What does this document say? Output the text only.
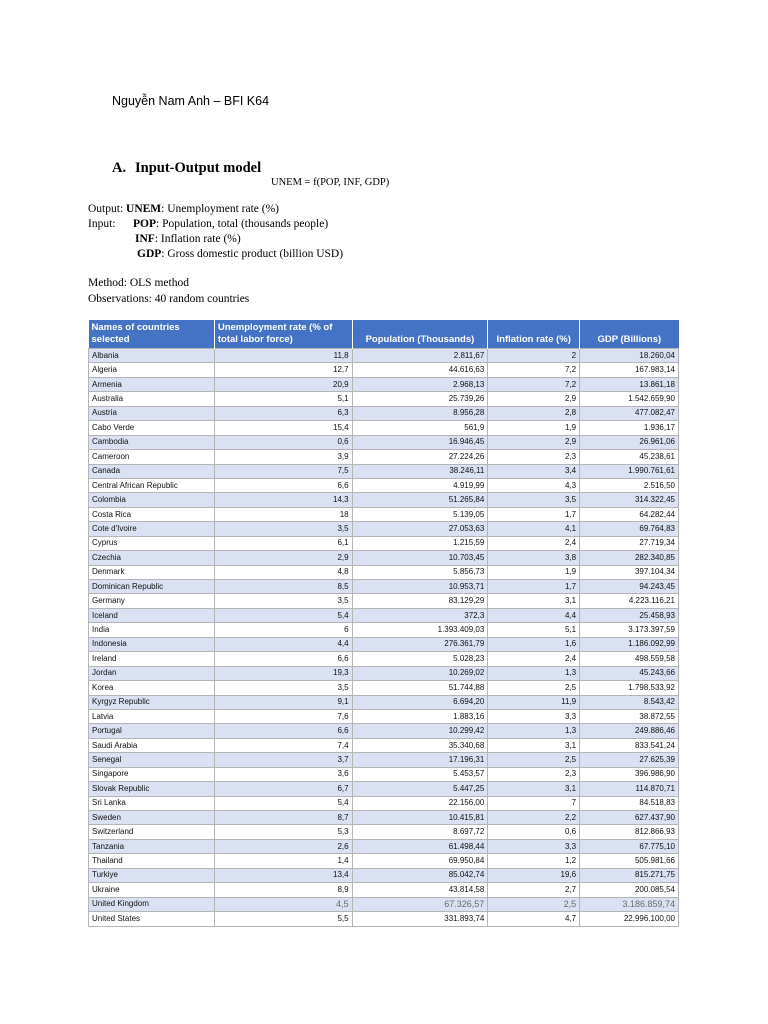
Nguyễn Nam Anh – BFI K64
A. Input-Output model
UNEM = f(POP, INF, GDP)
Output: UNEM: Unemployment rate (%)
Input: POP: Population, total (thousands people)
INF: Inflation rate (%)
GDP: Gross domestic product (billion USD)
Method: OLS method
Observations: 40 random countries
Names of countries selected	Unemployment rate (% of total labor force)	Population (Thousands)	Inflation rate (%)	GDP (Billions)
Albania	11,8	2.811,67	2	18.260,04
Algeria	12,7	44.616,63	7,2	167.983,14
Armenia	20,9	2.968,13	7,2	13.861,18
Australia	5,1	25.739,26	2,9	1.542.659,90
Austria	6,3	8.956,28	2,8	477.082,47
Cabo Verde	15,4	561,9	1,9	1.936,17
Cambodia	0,6	16.946,45	2,9	26.961,06
Cameroon	3,9	27.224,26	2,3	45.238,61
Canada	7,5	38.246,11	3,4	1.990.761,61
Central African Republic	6,6	4.919,99	4,3	2.516,50
Colombia	14,3	51.265,84	3,5	314.322,45
Costa Rica	18	5.139,05	1,7	64.282,44
Cote d'Ivoire	3,5	27.053,63	4,1	69.764,83
Cyprus	6,1	1.215,59	2,4	27.719,34
Czechia	2,9	10.703,45	3,8	282.340,85
Denmark	4,8	5.856,73	1,9	397.104,34
Dominican Republic	8,5	10.953,71	1,7	94.243,45
Germany	3,5	83.129,29	3,1	4.223.116,21
Iceland	5,4	372,3	4,4	25.458,93
India	6	1.393.409,03	5,1	3.173.397,59
Indonesia	4,4	276.361,79	1,6	1.186.092,99
Ireland	6,6	5.028,23	2,4	498.559,58
Jordan	19,3	10.269,02	1,3	45.243,66
Korea	3,5	51.744,88	2,5	1.798.533,92
Kyrgyz Republic	9,1	6.694,20	11,9	8.543,42
Latvia	7,6	1.883,16	3,3	38.872,55
Portugal	6,6	10.299,42	1,3	249.886,46
Saudi Arabia	7,4	35.340,68	3,1	833.541,24
Senegal	3,7	17.196,31	2,5	27.625,39
Singapore	3,6	5.453,57	2,3	396.986,90
Slovak Republic	6,7	5.447,25	3,1	114.870,71
Sri Lanka	5,4	22.156,00	7	84.518,83
Sweden	8,7	10.415,81	2,2	627.437,90
Switzerland	5,3	8.697,72	0,6	812.866,93
Tanzania	2,6	61.498,44	3,3	67.775,10
Thailand	1,4	69.950,84	1,2	505.981,66
Turkiye	13,4	85.042,74	19,6	815.271,75
Ukraine	8,9	43.814,58	2,7	200.085,54
United Kingdom	4,5	67.326,57	2,5	3.186.859,74
United States	5,5	331.893,74	4,7	22.996.100,00
